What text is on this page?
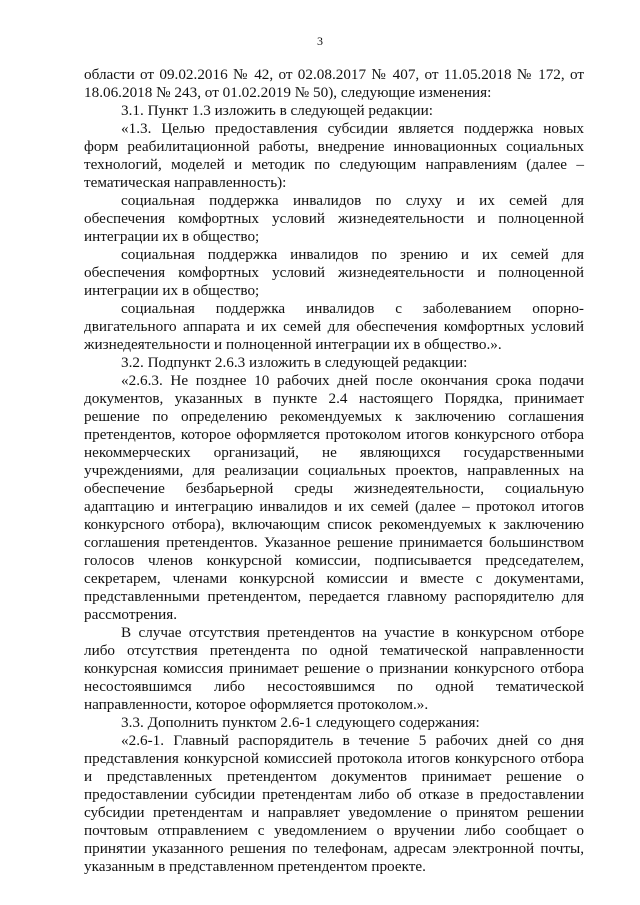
3

области от 09.02.2016 № 42, от 02.08.2017 № 407, от 11.05.2018 № 172, от 18.06.2018 № 243, от 01.02.2019 № 50), следующие изменения:

3.1. Пункт 1.3 изложить в следующей редакции:

«1.3. Целью предоставления субсидии является поддержка новых форм реабилитационной работы, внедрение инновационных социальных технологий, моделей и методик по следующим направлениям (далее – тематическая направленность):

социальная поддержка инвалидов по слуху и их семей для обеспечения комфортных условий жизнедеятельности и полноценной интеграции их в общество;

социальная поддержка инвалидов по зрению и их семей для обеспечения комфортных условий жизнедеятельности и полноценной интеграции их в общество;

социальная поддержка инвалидов с заболеванием опорно-двигательного аппарата и их семей для обеспечения комфортных условий жизнедеятельности и полноценной интеграции их в общество.».

3.2. Подпункт 2.6.3 изложить в следующей редакции:

«2.6.3. Не позднее 10 рабочих дней после окончания срока подачи документов, указанных в пункте 2.4 настоящего Порядка, принимает решение по определению рекомендуемых к заключению соглашения претендентов, которое оформляется протоколом итогов конкурсного отбора некоммерческих организаций, не являющихся государственными учреждениями, для реализации социальных проектов, направленных на обеспечение безбарьерной среды жизнедеятельности, социальную адаптацию и интеграцию инвалидов и их семей (далее – протокол итогов конкурсного отбора), включающим список рекомендуемых к заключению соглашения претендентов. Указанное решение принимается большинством голосов членов конкурсной комиссии, подписывается председателем, секретарем, членами конкурсной комиссии и вместе с документами, представленными претендентом, передается главному распорядителю для рассмотрения.

В случае отсутствия претендентов на участие в конкурсном отборе либо отсутствия претендента по одной тематической направленности конкурсная комиссия принимает решение о признании конкурсного отбора несостоявшимся либо несостоявшимся по одной тематической направленности, которое оформляется протоколом.».

3.3. Дополнить пунктом 2.6-1 следующего содержания:

«2.6-1. Главный распорядитель в течение 5 рабочих дней со дня представления конкурсной комиссией протокола итогов конкурсного отбора и представленных претендентом документов принимает решение о предоставлении субсидии претендентам либо об отказе в предоставлении субсидии претендентам и направляет уведомление о принятом решении почтовым отправлением с уведомлением о вручении либо сообщает о принятии указанного решения по телефонам, адресам электронной почты, указанным в представленном претендентом проекте.
